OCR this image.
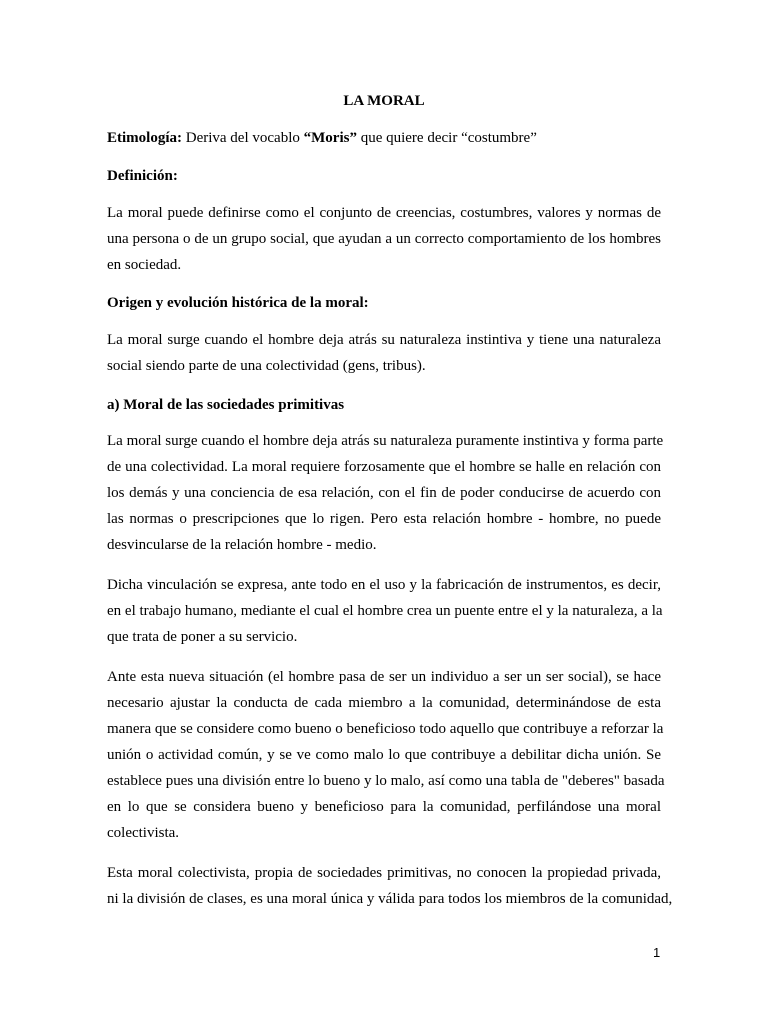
LA MORAL
Etimología: Deriva del vocablo “Moris” que quiere decir “costumbre”
Definición:
La moral puede definirse como el conjunto de creencias, costumbres, valores y normas de
una persona o de un grupo social, que ayudan a un correcto comportamiento de los hombres
en sociedad.
Origen y evolución histórica de la moral:
La moral surge cuando el hombre deja atrás su naturaleza instintiva y tiene una naturaleza
social siendo parte de una colectividad (gens, tribus).
a) Moral de las sociedades primitivas
La moral surge cuando el hombre deja atrás su naturaleza puramente instintiva y forma parte
de una colectividad. La moral requiere forzosamente que el hombre se halle en relación con
los demás y una conciencia de esa relación, con el fin de poder conducirse de acuerdo con
las normas o prescripciones que lo rigen. Pero esta relación hombre - hombre, no puede
desvincularse de la relación hombre - medio.
Dicha vinculación se expresa, ante todo en el uso y la fabricación de instrumentos, es decir,
en el trabajo humano, mediante el cual el hombre crea un puente entre el y la naturaleza, a la
que trata de poner a su servicio.
Ante esta nueva situación (el hombre pasa de ser un individuo a ser un ser social), se hace
necesario ajustar la conducta de cada miembro a la comunidad, determinándose de esta
manera que se considere como bueno o beneficioso todo aquello que contribuye a reforzar la
unión o actividad común, y se ve como malo lo que contribuye a debilitar dicha unión. Se
establece pues una división entre lo bueno y lo malo, así como una tabla de "deberes" basada
en lo que se considera bueno y beneficioso para la comunidad, perfilándose una moral
colectivista.
Esta moral colectivista, propia de sociedades primitivas, no conocen la propiedad privada,
ni la división de clases, es una moral única y válida para todos los miembros de la comunidad,
1
